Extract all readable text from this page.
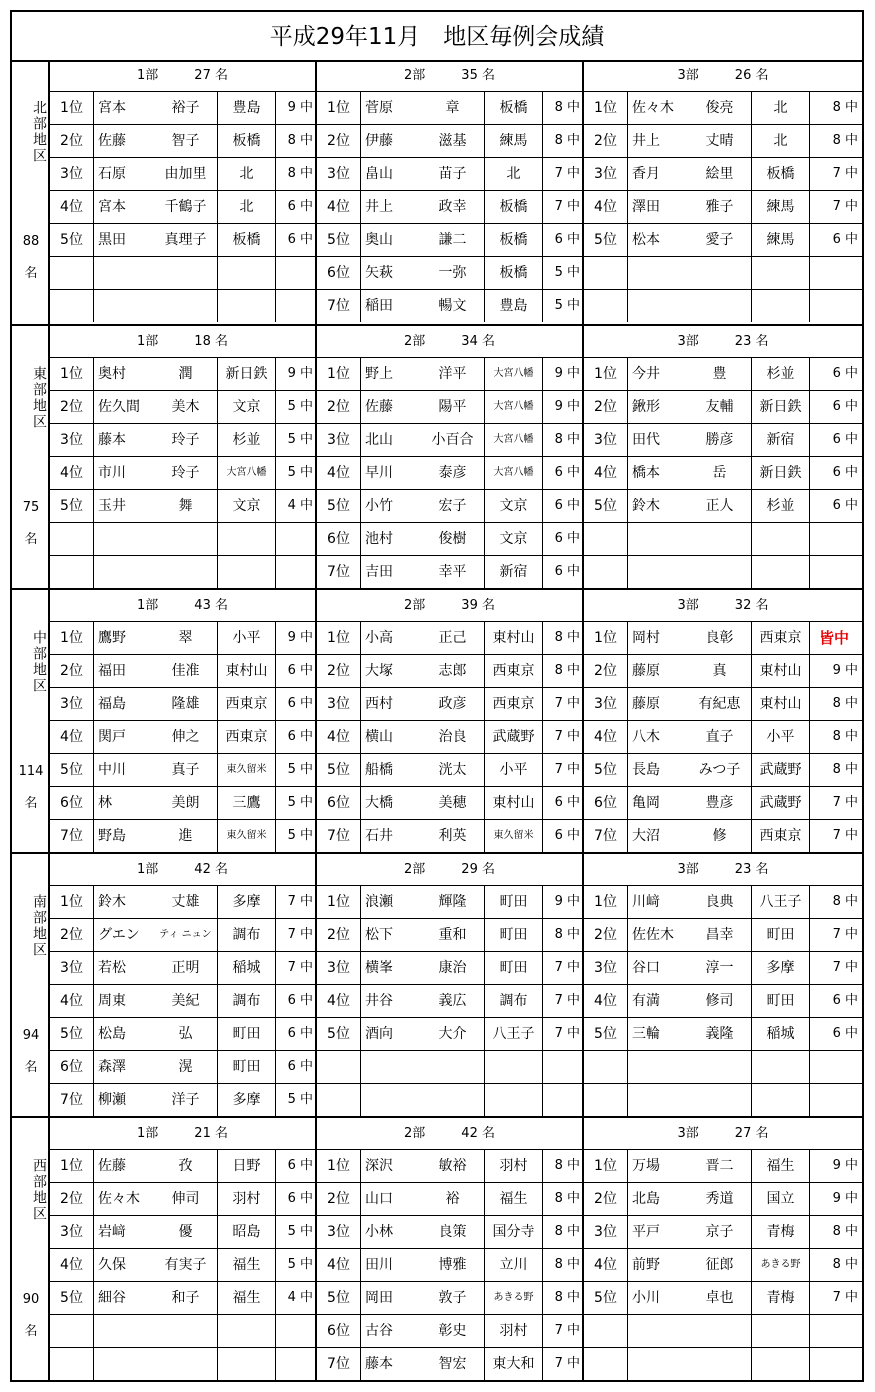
平成29年11月　地区毎例会成績
北部地区
88
名
1部	27 名
1位	宮本	裕子	豊島	9 中
2位	佐藤	智子	板橋	8 中
3位	石原	由加里	北	8 中
4位	宮本	千鶴子	北	6 中
5位	黒田	真理子	板橋	6 中
2部	35 名
1位	菅原	章	板橋	8 中
2位	伊藤	滋基	練馬	8 中
3位	畠山	苗子	北	7 中
4位	井上	政幸	板橋	7 中
5位	奥山	謙二	板橋	6 中
6位	矢萩	一弥	板橋	5 中
7位	稲田	暢文	豊島	5 中
3部	26 名
1位	佐々木	俊亮	北	8 中
2位	井上	丈晴	北	8 中
3位	香月	絵里	板橋	7 中
4位	澤田	雅子	練馬	7 中
5位	松本	愛子	練馬	6 中
東部地区
75
名
1部	18 名
1位	奥村	潤	新日鉄	9 中
2位	佐久間	美木	文京	5 中
3位	藤本	玲子	杉並	5 中
4位	市川	玲子	大宮八幡	5 中
5位	玉井	舞	文京	4 中
2部	34 名
1位	野上	洋平	大宮八幡	9 中
2位	佐藤	陽平	大宮八幡	9 中
3位	北山	小百合	大宮八幡	8 中
4位	早川	泰彦	大宮八幡	6 中
5位	小竹	宏子	文京	6 中
6位	池村	俊樹	文京	6 中
7位	吉田	幸平	新宿	6 中
3部	23 名
1位	今井	豊	杉並	6 中
2位	鍬形	友輔	新日鉄	6 中
3位	田代	勝彦	新宿	6 中
4位	橋本	岳	新日鉄	6 中
5位	鈴木	正人	杉並	6 中
中部地区
114
名
1部	43 名
1位	鷹野	翠	小平	9 中
2位	福田	佳准	東村山	6 中
3位	福島	隆雄	西東京	6 中
4位	関戸	伸之	西東京	6 中
5位	中川	真子	東久留米	5 中
6位	林	美朗	三鷹	5 中
7位	野島	進	東久留米	5 中
2部	39 名
1位	小高	正己	東村山	8 中
2位	大塚	志郎	西東京	8 中
3位	西村	政彦	西東京	7 中
4位	横山	治良	武蔵野	7 中
5位	船橋	洸太	小平	7 中
6位	大橋	美穂	東村山	6 中
7位	石井	利英	東久留米	6 中
3部	32 名
1位	岡村	良彰	西東京	皆中
2位	藤原	真	東村山	9 中
3位	藤原	有紀恵	東村山	8 中
4位	八木	直子	小平	8 中
5位	長島	みつ子	武蔵野	8 中
6位	亀岡	豊彦	武蔵野	7 中
7位	大沼	修	西東京	7 中
南部地区
94
名
1部	42 名
1位	鈴木	丈雄	多摩	7 中
2位	グエン	ティ ニュン	調布	7 中
3位	若松	正明	稲城	7 中
4位	周東	美紀	調布	6 中
5位	松島	弘	町田	6 中
6位	森澤	滉	町田	6 中
7位	柳瀬	洋子	多摩	5 中
2部	29 名
1位	浪瀬	輝隆	町田	9 中
2位	松下	重和	町田	8 中
3位	横峯	康治	町田	7 中
4位	井谷	義広	調布	7 中
5位	酒向	大介	八王子	7 中
3部	23 名
1位	川﨑	良典	八王子	8 中
2位	佐佐木	昌幸	町田	7 中
3位	谷口	淳一	多摩	7 中
4位	有満	修司	町田	6 中
5位	三輪	義隆	稲城	6 中
西部地区
90
名
1部	21 名
1位	佐藤	孜	日野	6 中
2位	佐々木	伸司	羽村	6 中
3位	岩﨑	優	昭島	5 中
4位	久保	有実子	福生	5 中
5位	細谷	和子	福生	4 中
2部	42 名
1位	深沢	敏裕	羽村	8 中
2位	山口	裕	福生	8 中
3位	小林	良策	国分寺	8 中
4位	田川	博雅	立川	8 中
5位	岡田	敦子	あきる野	8 中
6位	古谷	彰史	羽村	7 中
7位	藤本	智宏	東大和	7 中
3部	27 名
1位	万場	晋二	福生	9 中
2位	北島	秀道	国立	9 中
3位	平戸	京子	青梅	8 中
4位	前野	征郎	あきる野	8 中
5位	小川	卓也	青梅	7 中
